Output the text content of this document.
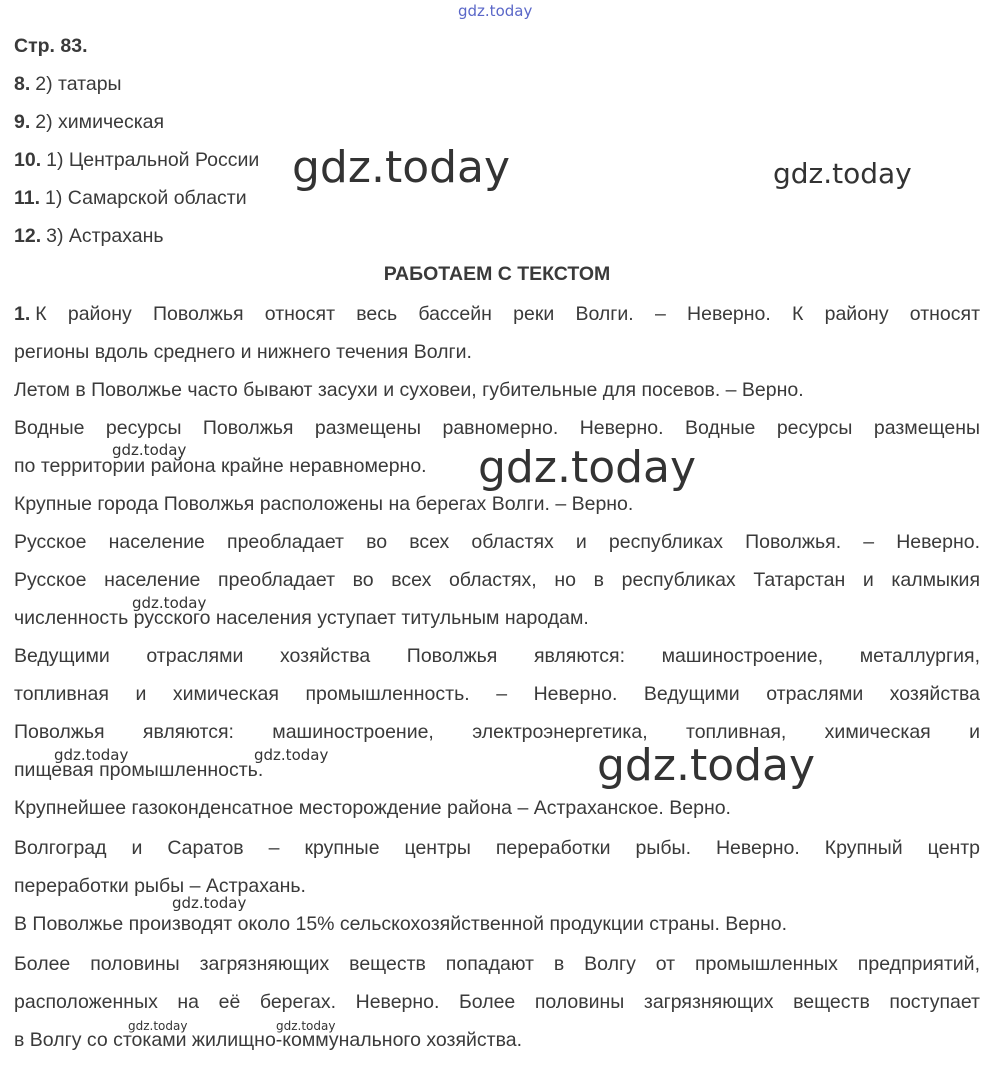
gdz.today
gdz.today	gdz.today
gdz.today	gdz.today
gdz.today
gdz.today	gdz.today	gdz.today
gdz.today
gdz.today	gdz.today
Стр. 83.
8. 2) татары
9. 2) химическая
10. 1) Центральной России
11. 1) Самарской области
12. 3) Астрахань
РАБОТАЕМ С ТЕКСТОМ
1. К району Поволжья относят весь бассейн реки Волги. – Неверно. К району относят
регионы вдоль среднего и нижнего течения Волги.
Летом в Поволжье часто бывают засухи и суховеи, губительные для посевов. – Верно.
Водные ресурсы Поволжья размещены равномерно. Неверно. Водные ресурсы размещены
по территории района крайне неравномерно.
Крупные города Поволжья расположены на берегах Волги. – Верно.
Русское население преобладает во всех областях и республиках Поволжья. – Неверно.
Русское население преобладает во всех областях, но в республиках Татарстан и калмыкия
численность русского населения уступает титульным народам.
Ведущими отраслями хозяйства Поволжья являются: машиностроение, металлургия,
топливная и химическая промышленность. – Неверно. Ведущими отраслями хозяйства
Поволжья являются: машиностроение, электроэнергетика, топливная, химическая и
пищевая промышленность.
Крупнейшее газоконденсатное месторождение района – Астраханское. Верно.
Волгоград и Саратов – крупные центры переработки рыбы. Неверно. Крупный центр
переработки рыбы – Астрахань.
В Поволжье производят около 15% сельскохозяйственной продукции страны. Верно.
Более половины загрязняющих веществ попадают в Волгу от промышленных предприятий,
расположенных на её берегах. Неверно. Более половины загрязняющих веществ поступает
в Волгу со стоками жилищно-коммунального хозяйства.
